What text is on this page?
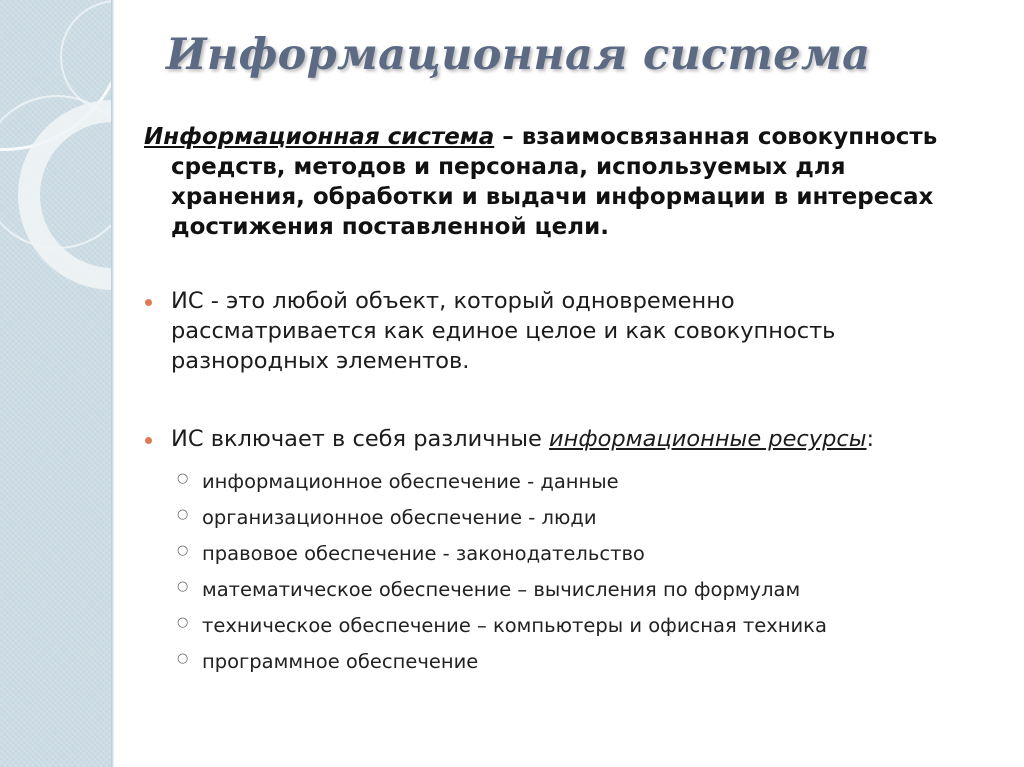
Информационная система
Информационная система – взаимосвязанная совокупность
средств, методов и персонала, используемых для
хранения, обработки и выдачи информации в интересах
достижения поставленной цели.
ИС - это любой объект, который одновременно
рассматривается как единое целое и как совокупность
разнородных элементов.
ИС включает в себя различные информационные ресурсы:
○ информационное обеспечение - данные
○ организационное обеспечение - люди
○ правовое обеспечение - законодательство
○ математическое обеспечение – вычисления по формулам
○ техническое обеспечение – компьютеры и офисная техника
○ программное обеспечение
